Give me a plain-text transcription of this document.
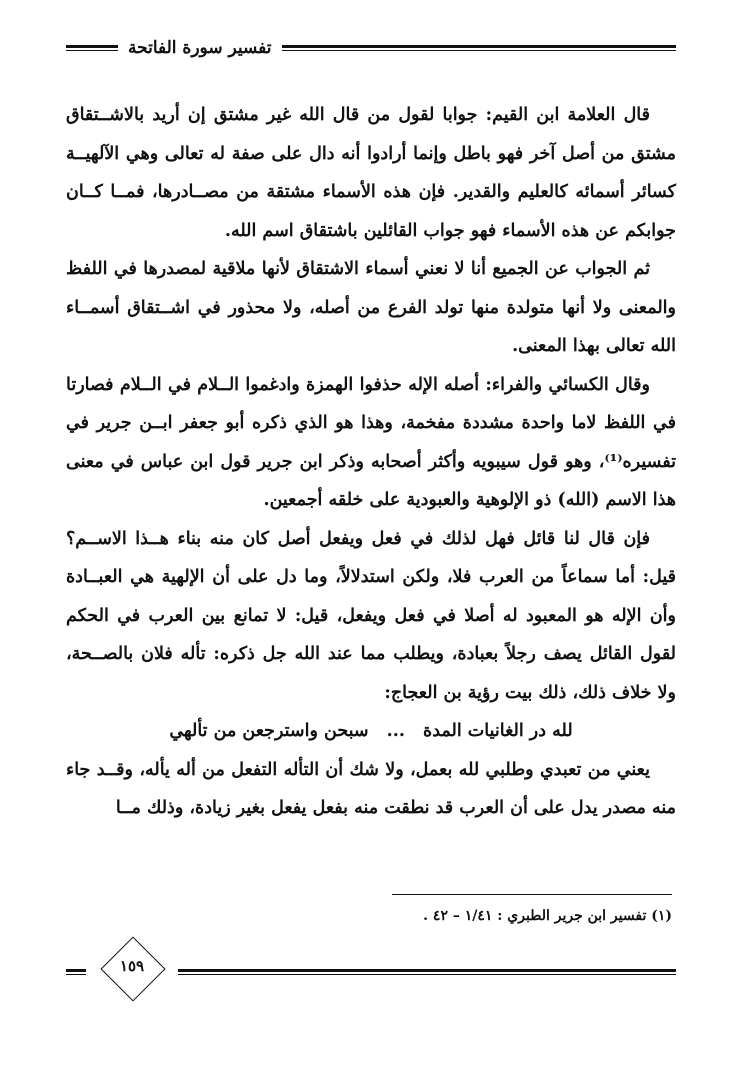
تفسير سورة الفاتحة

قال العلامة ابن القيم: جوابا لقول من قال الله غير مشتق إن أريد بالاشــتقاق مشتق من أصل آخر فهو باطل وإنما أرادوا أنه دال على صفة له تعالى وهي الآلهيــة كسائر أسمائه كالعليم والقدير. فإن هذه الأسماء مشتقة من مصــادرها، فمــا كــان جوابكم عن هذه الأسماء فهو جواب القائلين باشتقاق اسم الله.

ثم الجواب عن الجميع أنا لا نعني أسماء الاشتقاق لأنها ملاقية لمصدرها في اللفظ والمعنى ولا أنها متولدة منها تولد الفرع من أصله، ولا محذور في اشــتقاق أسمــاء الله تعالى بهذا المعنى.

وقال الكسائي والفراء: أصله الإله حذفوا الهمزة وادغموا الــلام في الــلام فصارتا في اللفظ لاما واحدة مشددة مفخمة، وهذا هو الذي ذكره أبو جعفر ابــن جرير في تفسيره⁽¹⁾، وهو قول سيبويه وأكثر أصحابه وذكر ابن جرير قول ابن عباس في معنى هذا الاسم (الله) ذو الإلوهية والعبودية على خلقه أجمعين.

فإن قال لنا قائل فهل لذلك في فعل ويفعل أصل كان منه بناء هــذا الاســم؟ قيل: أما سماعاً من العرب فلا، ولكن استدلالاً، وما دل على أن الإلهية هي العبــادة وأن الإله هو المعبود له أصلا في فعل ويفعل، قيل: لا تمانع بين العرب في الحكم لقول القائل يصف رجلاً بعبادة، ويطلب مما عند الله جل ذكره: تأله فلان بالصــحة، ولا خلاف ذلك، ذلك بيت رؤية بن العجاج:

لله در الغانيات المدة ... سبحن واسترجعن من تألهي

يعني من تعبدي وطلبي لله بعمل، ولا شك أن التأله التفعل من أله يأله، وقــد جاء منه مصدر يدل على أن العرب قد نطقت منه بفعل يفعل بغير زيادة، وذلك مــا

(١) تفسير ابن جرير الطبري : ١/٤١ – ٤٢ .
١٥٩
